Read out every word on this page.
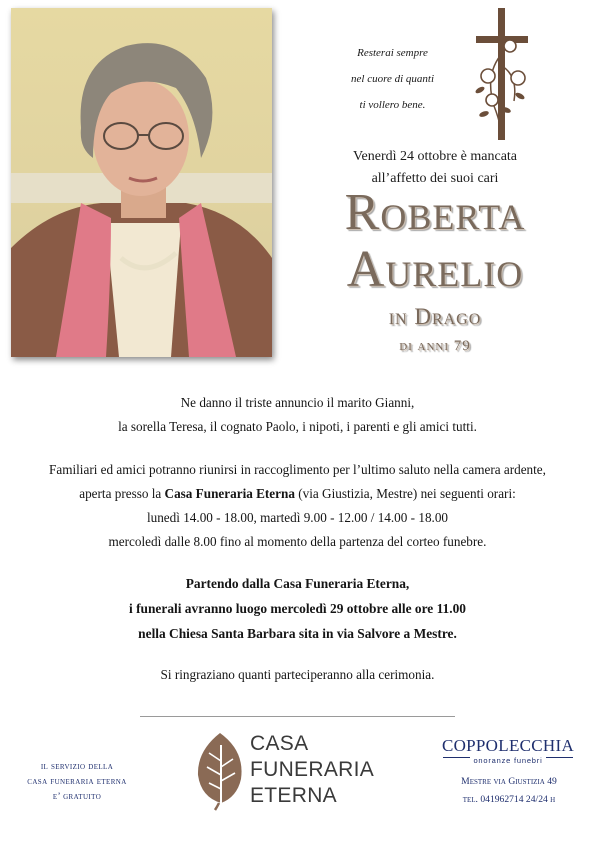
Resterai sempre
nel cuore di quanti
ti vollero bene.
Venerdì 24 ottobre è mancata
all’affetto dei suoi cari
Roberta
Aurelio
in Drago
di anni 79
Ne danno il triste annuncio il marito Gianni,
la sorella Teresa, il cognato Paolo, i nipoti, i parenti e gli amici tutti.
Familiari ed amici potranno riunirsi in raccoglimento per l’ultimo saluto nella camera ardente,
aperta presso la Casa Funeraria Eterna (via Giustizia, Mestre) nei seguenti orari:
lunedì 14.00 - 18.00, martedì 9.00 - 12.00 / 14.00 - 18.00
mercoledì dalle 8.00 fino al momento della partenza del corteo funebre.
Partendo dalla Casa Funeraria Eterna,
i funerali avranno luogo mercoledì 29 ottobre alle ore 11.00
nella Chiesa Santa Barbara sita in via Salvore a Mestre.
Si ringraziano quanti parteciperanno alla cerimonia.
il servizio della
casa funeraria eterna
e’ gratuito
CASA
FUNERARIA
ETERNA
COPPOLECCHIA
onoranze funebri
Mestre via Giustizia 49
tel. 041962714 24/24 h
